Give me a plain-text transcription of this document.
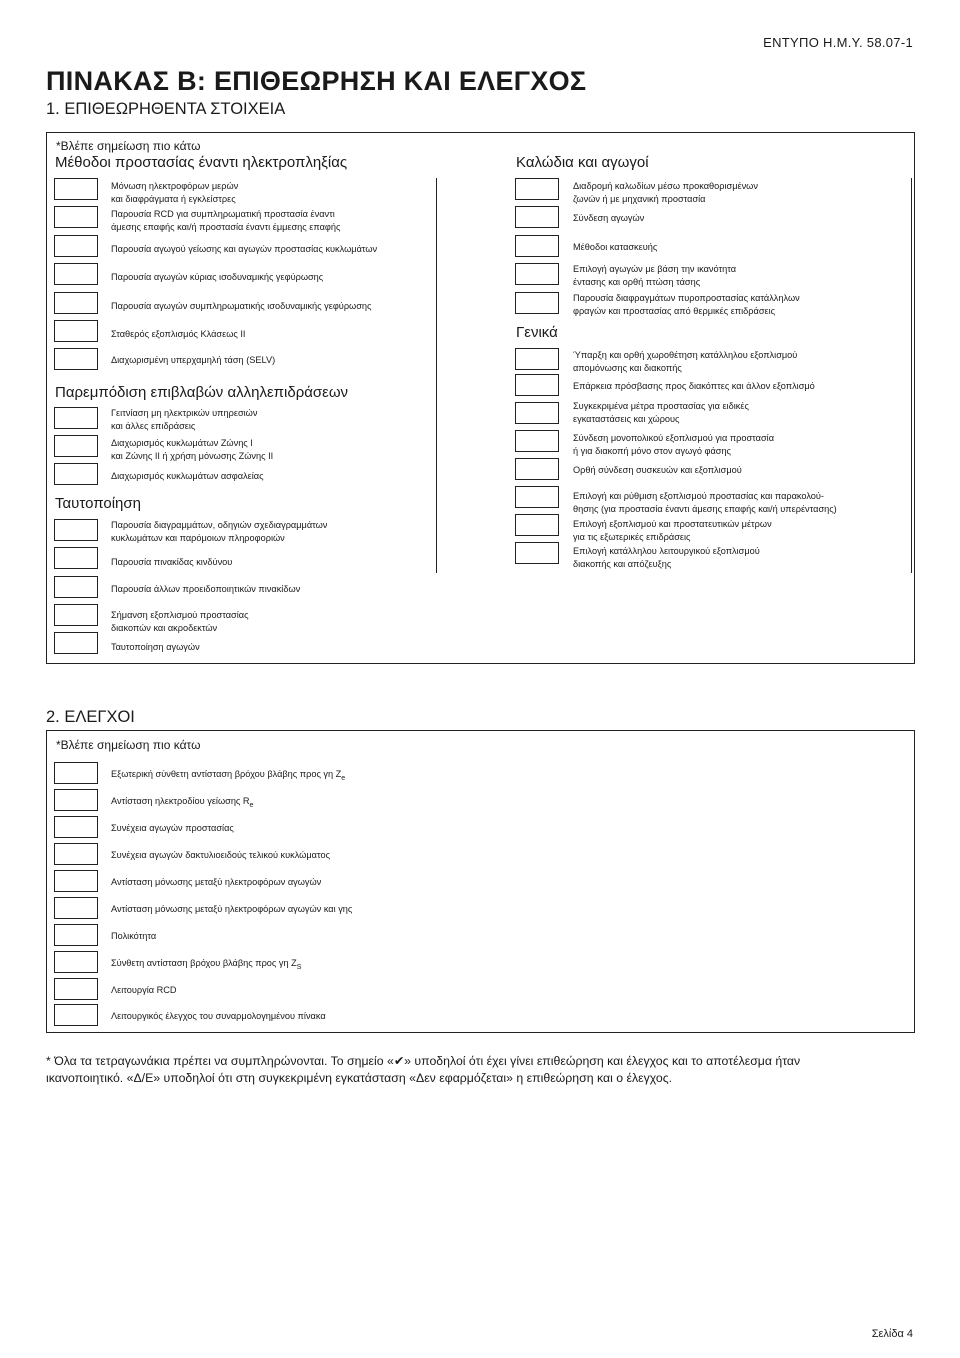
ΕΝΤΥΠΟ Η.Μ.Υ. 58.07-1
ΠΙΝΑΚΑΣ Β: ΕΠΙΘΕΩΡΗΣΗ ΚΑΙ ΕΛΕΓΧΟΣ
1. ΕΠΙΘΕΩΡΗΘΕΝΤΑ ΣΤΟΙΧΕΙΑ
*Βλέπε σημείωση πιο κάτω
Μέθοδοι προστασίας έναντι ηλεκτροπληξίας
Παρεμπόδιση επιβλαβών αλληλεπιδράσεων
Ταυτοποίηση
Καλώδια και αγωγοί
Γενικά
Μόνωση ηλεκτροφόρων μερών
και διαφράγματα ή εγκλείστρες
Παρουσία RCD για συμπληρωματική προστασία έναντι
άμεσης επαφής και/ή προστασία έναντι έμμεσης επαφής
Παρουσία αγωγού γείωσης και αγωγών προστασίας κυκλωμάτων
Παρουσία αγωγών κύριας ισοδυναμικής γεφύρωσης
Παρουσία αγωγών συμπληρωματικής ισοδυναμικής γεφύρωσης
Σταθερός εξοπλισμός Κλάσεως ΙΙ
Διαχωρισμένη υπερχαμηλή τάση (SELV)
Γειτνίαση μη ηλεκτρικών υπηρεσιών
και άλλες επιδράσεις
Διαχωρισμός κυκλωμάτων Ζώνης Ι
και Ζώνης ΙΙ ή χρήση μόνωσης Ζώνης ΙΙ
Διαχωρισμός κυκλωμάτων ασφαλείας
Παρουσία διαγραμμάτων, οδηγιών σχεδιαγραμμάτων
κυκλωμάτων και παρόμοιων πληροφοριών
Παρουσία πινακίδας κινδύνου
Παρουσία άλλων προειδοποιητικών πινακίδων
Σήμανση εξοπλισμού προστασίας
διακοπών και ακροδεκτών
Ταυτοποίηση αγωγών
Διαδρομή καλωδίων μέσω προκαθορισμένων
ζωνών ή με μηχανική προστασία
Σύνδεση αγωγών
Μέθοδοι κατασκευής
Επιλογή αγωγών με βάση την ικανότητα
έντασης και ορθή πτώση τάσης
Παρουσία διαφραγμάτων πυροπροστασίας κατάλληλων
φραγών και προστασίας από θερμικές επιδράσεις
Ύπαρξη και ορθή χωροθέτηση κατάλληλου εξοπλισμού
απομόνωσης και διακοπής
Επάρκεια πρόσβασης προς διακόπτες και άλλον εξοπλισμό
Συγκεκριμένα μέτρα προστασίας για ειδικές
εγκαταστάσεις και χώρους
Σύνδεση μονοπολικού εξοπλισμού για προστασία
ή για διακοπή μόνο στον αγωγό φάσης
Ορθή σύνδεση συσκευών και εξοπλισμού
Επιλογή και ρύθμιση εξοπλισμού προστασίας και παρακολού-
θησης (για προστασία έναντι άμεσης επαφής και/ή υπερέντασης)
Επιλογή εξοπλισμού και προστατευτικών μέτρων
για τις εξωτερικές επιδράσεις
Επιλογή κατάλληλου λειτουργικού εξοπλισμού
διακοπής και απόζευξης
2. ΕΛΕΓΧΟΙ
*Βλέπε σημείωση πιο κάτω
Εξωτερική σύνθετη αντίσταση βρόχου βλάβης προς γη $Z_e$
Αντίσταση ηλεκτροδίου γείωσης $R_e$
Συνέχεια αγωγών προστασίας
Συνέχεια αγωγών δακτυλιοειδούς τελικού κυκλώματος
Αντίσταση μόνωσης μεταξύ ηλεκτροφόρων αγωγών
Αντίσταση μόνωσης μεταξύ ηλεκτροφόρων αγωγών και γης
Πολικότητα
Σύνθετη αντίσταση βρόχου βλάβης προς γη $Z_S$
Λειτουργία RCD
Λειτουργικός έλεγχος του συναρμολογημένου πίνακα
* Όλα τα τετραγωνάκια πρέπει να συμπληρώνονται. Το σημείο «✔» υποδηλοί ότι έχει γίνει επιθεώρηση και έλεγχος και το αποτέλεσμα ήταν
ικανοποιητικό. «Δ/Ε» υποδηλοί ότι στη συγκεκριμένη εγκατάσταση «Δεν εφαρμόζεται» η επιθεώρηση και ο έλεγχος.
Σελίδα 4
